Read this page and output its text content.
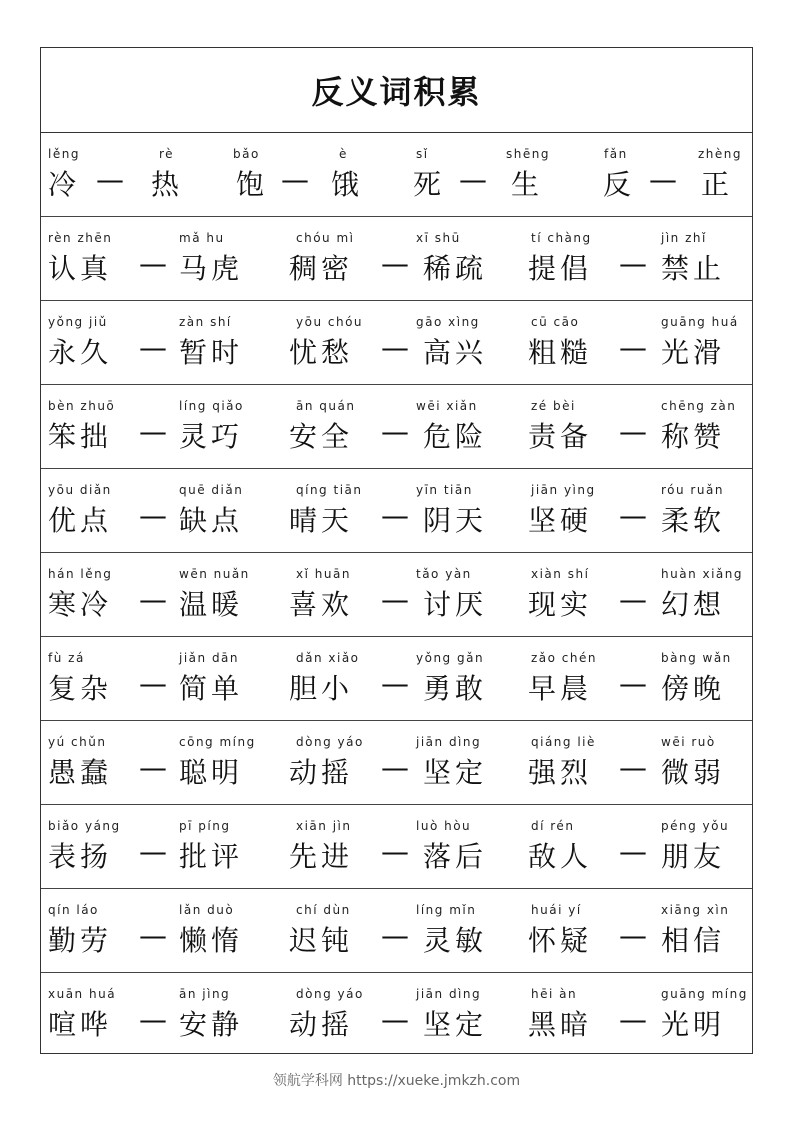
反义词积累
lěng
冷 —
rè
热
bǎo
饱 —
è
饿
sǐ
死 —
shēng
生
fǎn
反 —
zhèng
正
rèn zhēn
认真 —
mǎ hu
马虎
chóu mì
稠密 —
xī shū
稀疏
tí chàng
提倡 —
jìn zhǐ
禁止
yǒng jiǔ
永久 —
zàn shí
暂时
yōu chóu
忧愁 —
gāo xìng
高兴
cū cāo
粗糙 —
guāng huá
光滑
bèn zhuō
笨拙 —
líng qiǎo
灵巧
ān quán
安全 —
wēi xiǎn
危险
zé bèi
责备 —
chēng zàn
称赞
yōu diǎn
优点 —
quē diǎn
缺点
qíng tiān
晴天 —
yīn tiān
阴天
jiān yìng
坚硬 —
róu ruǎn
柔软
hán lěng
寒冷 —
wēn nuǎn
温暖
xǐ huān
喜欢 —
tǎo yàn
讨厌
xiàn shí
现实 —
huàn xiǎng
幻想
fù zá
复杂 —
jiǎn dān
简单
dǎn xiǎo
胆小 —
yǒng gǎn
勇敢
zǎo chén
早晨 —
bàng wǎn
傍晚
yú chǔn
愚蠢 —
cōng míng
聪明
dòng yáo
动摇 —
jiān dìng
坚定
qiáng liè
强烈 —
wēi ruò
微弱
biǎo yáng
表扬 —
pī píng
批评
xiān jìn
先进 —
luò hòu
落后
dí rén
敌人 —
péng yǒu
朋友
qín láo
勤劳 —
lǎn duò
懒惰
chí dùn
迟钝 —
líng mǐn
灵敏
huái yí
怀疑 —
xiāng xìn
相信
xuān huá
喧哗 —
ān jìng
安静
dòng yáo
动摇 —
jiān dìng
坚定
hēi àn
黑暗 —
guāng míng
光明
领航学科网 https://xueke.jmkzh.com
